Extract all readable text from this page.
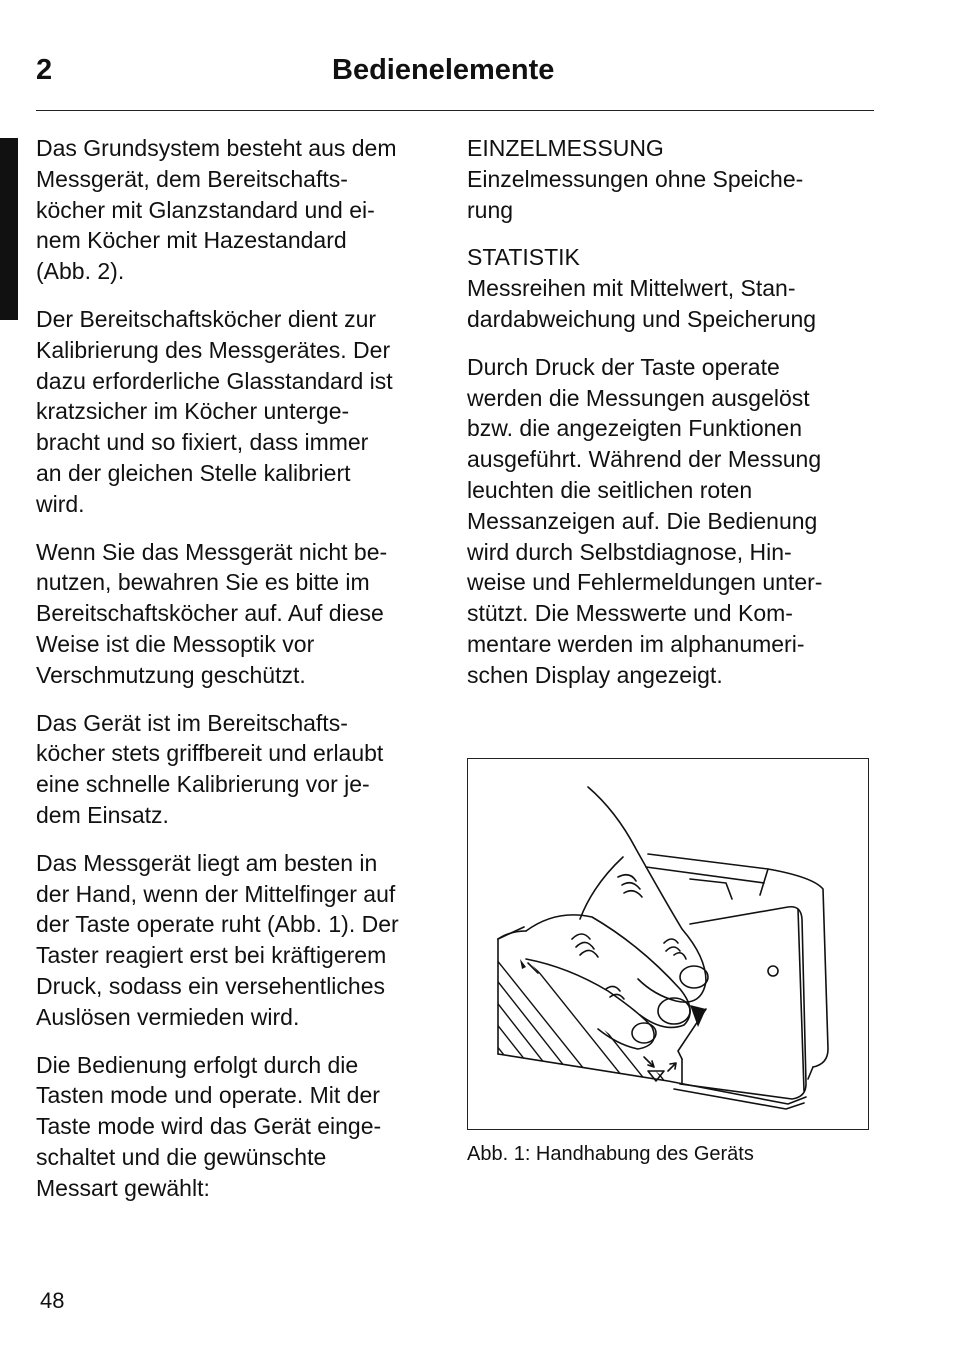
2	Bedienelemente

Das Grundsystem besteht aus dem
Messgerät, dem Bereitschafts-
köcher mit Glanzstandard und ei-
nem Köcher mit Hazestandard
(Abb. 2).

Der Bereitschaftsköcher dient zur
Kalibrierung des Messgerätes. Der
dazu erforderliche Glasstandard ist
kratzsicher im Köcher unterge-
bracht und so fixiert, dass immer
an der gleichen Stelle kalibriert
wird.

Wenn Sie das Messgerät nicht be-
nutzen, bewahren Sie es bitte im
Bereitschaftsköcher auf. Auf diese
Weise ist die Messoptik vor
Verschmutzung geschützt.

Das Gerät ist im Bereitschafts-
köcher stets griffbereit und erlaubt
eine schnelle Kalibrierung vor je-
dem Einsatz.

Das Messgerät liegt am besten in
der Hand, wenn der Mittelfinger auf
der Taste operate ruht (Abb. 1). Der
Taster reagiert erst bei kräftigerem
Druck, sodass ein versehentliches
Auslösen vermieden wird.

Die Bedienung erfolgt durch die
Tasten mode und operate. Mit der
Taste mode wird das Gerät einge-
schaltet und die gewünschte
Messart gewählt:

EINZELMESSUNG
Einzelmessungen ohne Speiche-
rung

STATISTIK
Messreihen mit Mittelwert, Stan-
dardabweichung und Speicherung

Durch Druck der Taste operate
werden die Messungen ausgelöst
bzw. die angezeigten Funktionen
ausgeführt. Während der Messung
leuchten die seitlichen roten
Messanzeigen auf. Die Bedienung
wird durch Selbstdiagnose, Hin-
weise und Fehlermeldungen unter-
stützt. Die Messwerte und Kom-
mentare werden im alphanumeri-
schen Display angezeigt.

Abb. 1: Handhabung des Geräts
48
